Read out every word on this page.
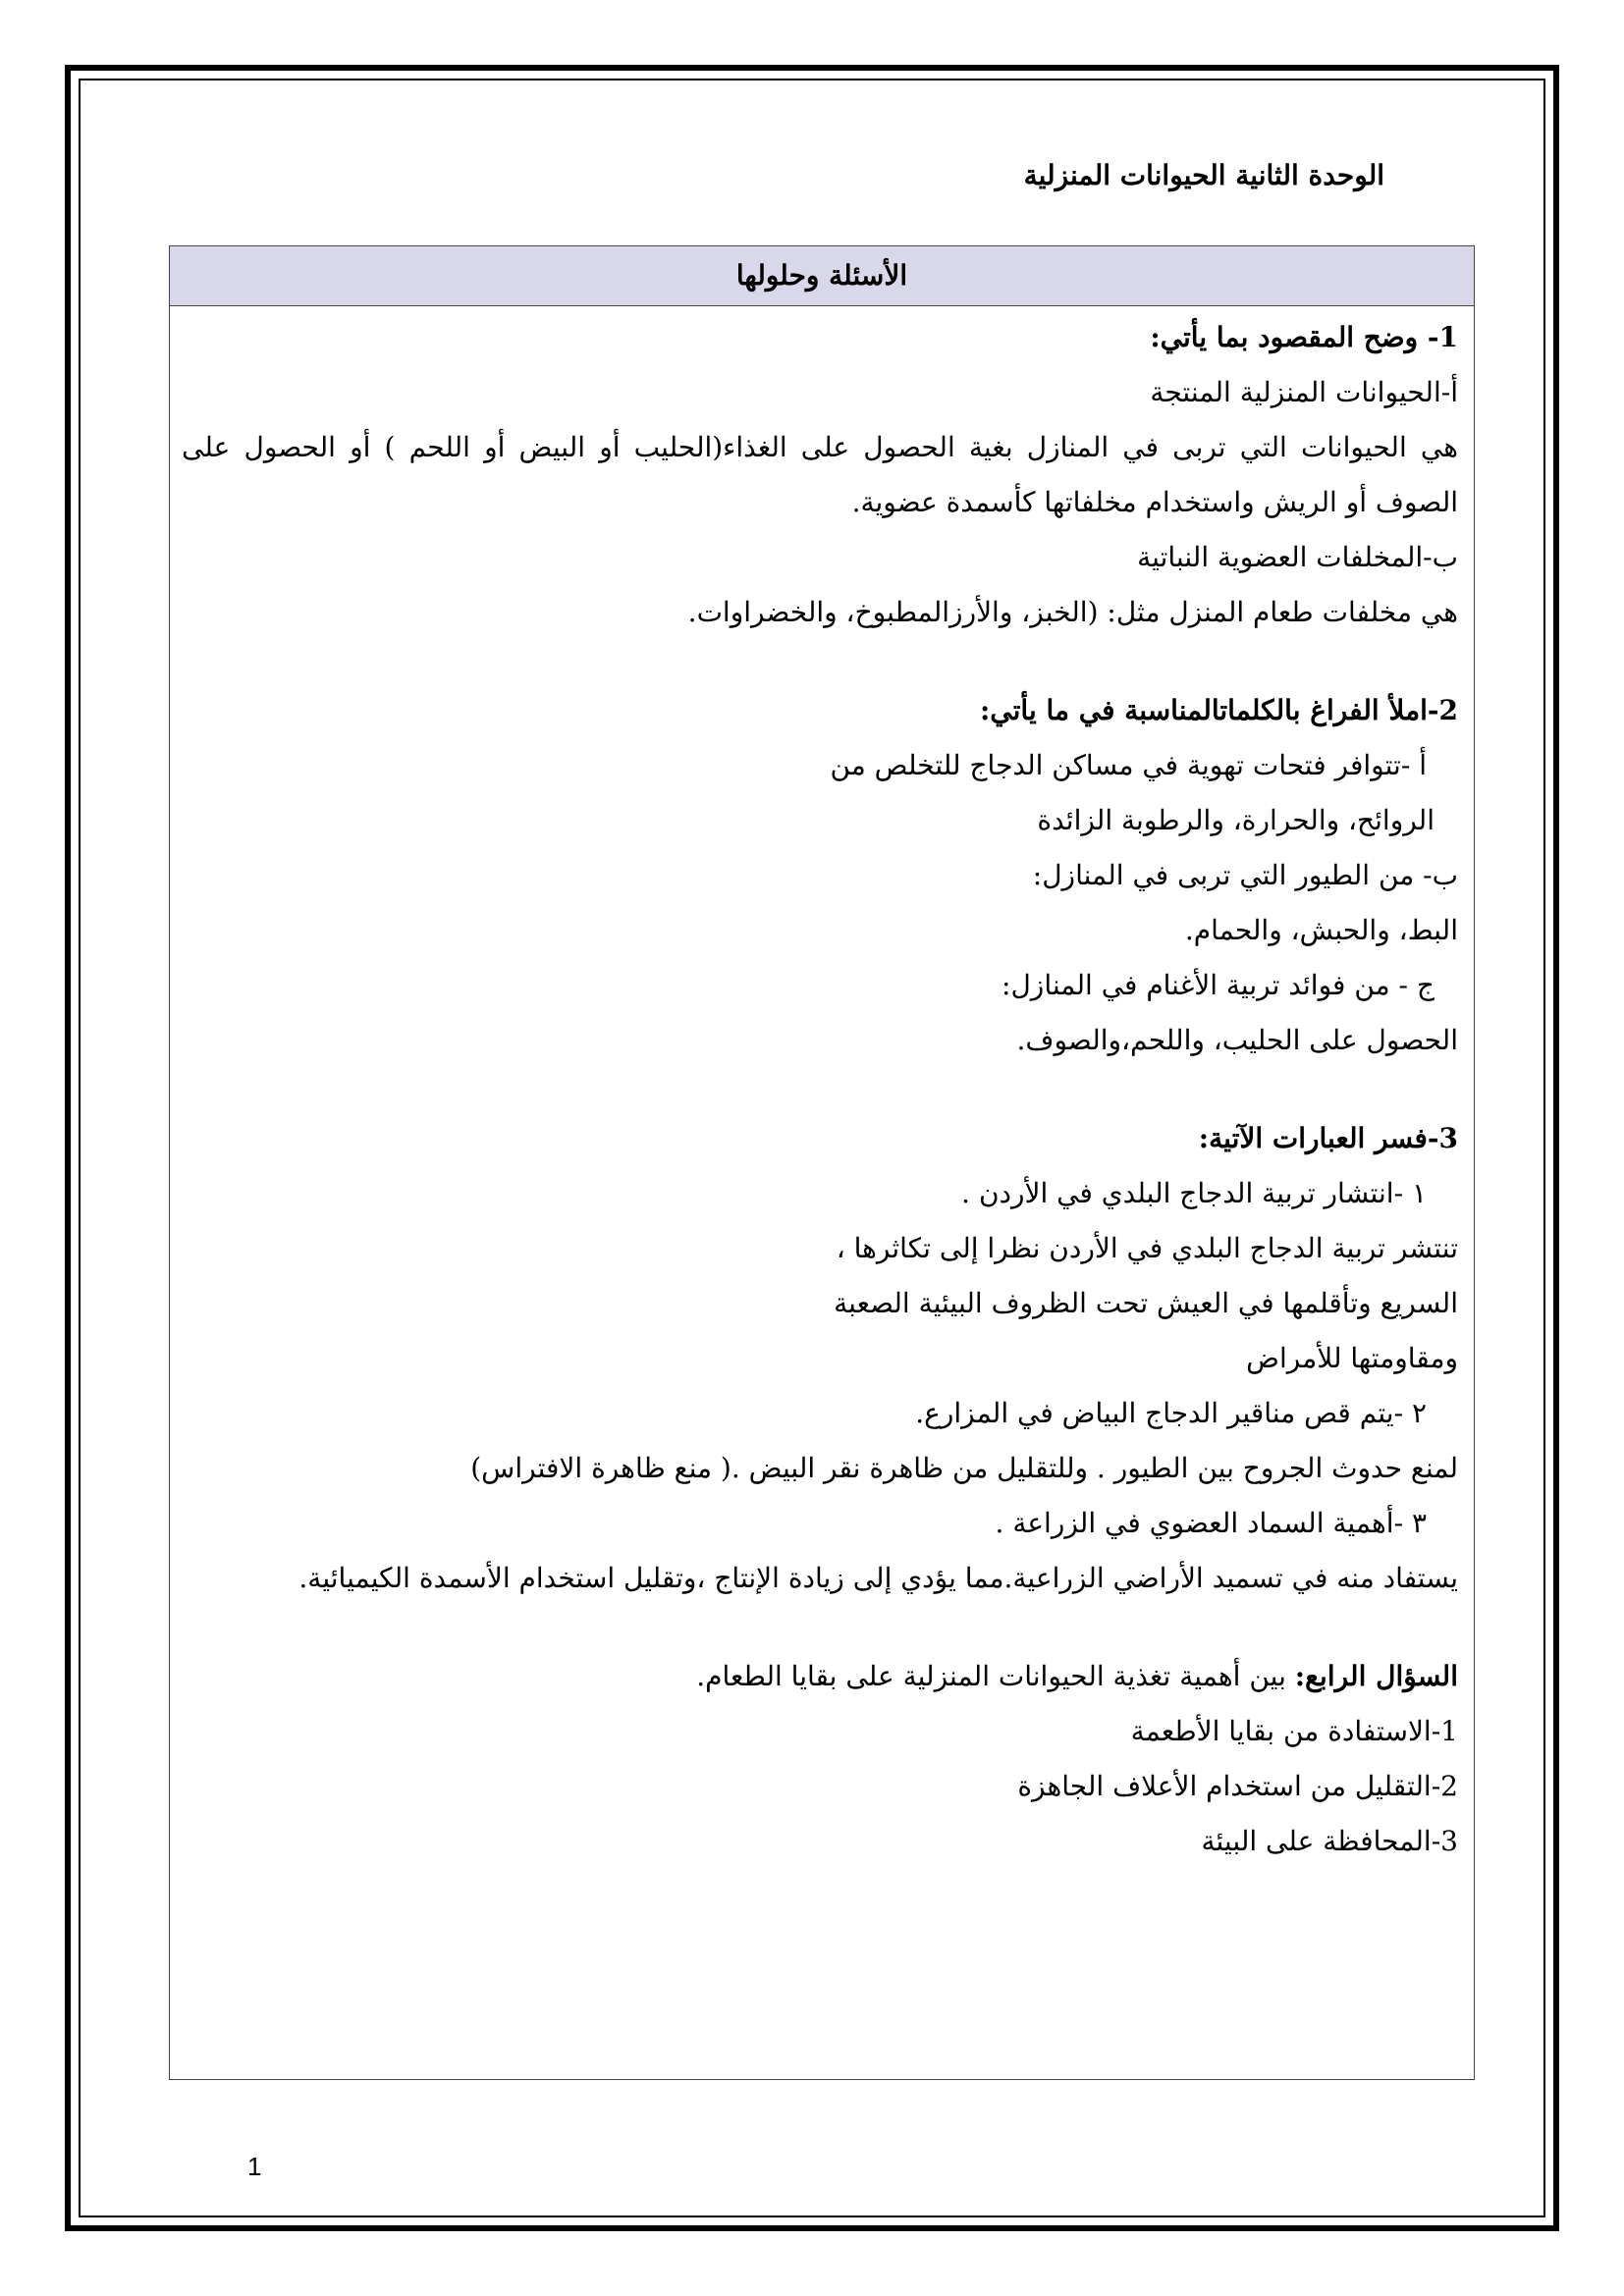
الوحدة الثانية الحيوانات المنزلية
الأسئلة وحلولها
1- وضح المقصود بما يأتي:
أ-الحيوانات المنزلية المنتجة
هي الحيوانات التي تربى في المنازل بغية الحصول على الغذاء(الحليب أو البيض أو اللحم ) أو الحصول على
الصوف أو الريش واستخدام مخلفاتها كأسمدة عضوية.
ب-المخلفات العضوية النباتية
هي مخلفات طعام المنزل مثل: (الخبز، والأرزالمطبوخ، والخضراوات.
2-املأ الفراغ بالكلماتالمناسبة في ما يأتي:
أ -تتوافر فتحات تهوية في مساكن الدجاج للتخلص من
الروائح، والحرارة، والرطوبة الزائدة
ب- من الطيور التي تربى في المنازل:
البط، والحبش، والحمام.
ج - من فوائد تربية الأغنام في المنازل:
الحصول على الحليب، واللحم،والصوف.
3-فسر العبارات الآتية:
١ -انتشار تربية الدجاج البلدي في الأردن .
تنتشر تربية الدجاج البلدي في الأردن نظرا إلى تكاثرها ،
السريع وتأقلمها في العيش تحت الظروف البيئية الصعبة
ومقاومتها للأمراض
٢ -يتم قص مناقير الدجاج البياض في المزارع.
لمنع حدوث الجروح بين الطيور . وللتقليل من ظاهرة نقر البيض .( منع ظاهرة الافتراس)
٣ -أهمية السماد العضوي في الزراعة .
يستفاد منه في تسميد الأراضي الزراعية.مما يؤدي إلى زيادة الإنتاج ،وتقليل استخدام الأسمدة الكيميائية.
السؤال الرابع: بين أهمية تغذية الحيوانات المنزلية على بقايا الطعام.
1-الاستفادة من بقايا الأطعمة
2-التقليل من استخدام الأعلاف الجاهزة
3-المحافظة على البيئة
1
